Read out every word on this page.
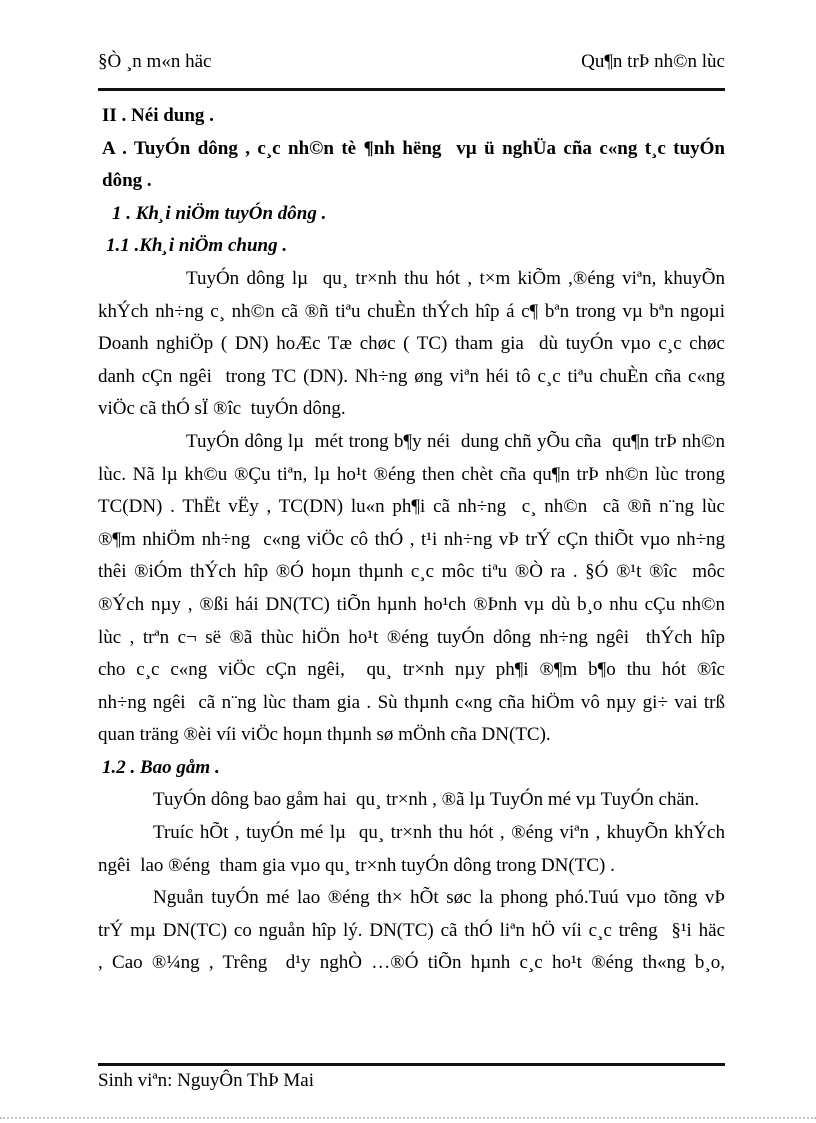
§Ò ¸n m«n häc	Qu¶n trÞ nh©n lùc
II . Néi dung .
A . TuyÓn dông , c¸c nh©n tè ¶nh hëng  vµ ü nghÜa cña c«ng t¸c tuyÓn
dông .
1 . Kh¸i niÖm tuyÓn dông .
1.1 .Kh¸i niÖm chung .
TuyÓn dông lµ  qu¸ tr×nh thu hót , t×m kiÕm ,®éng viªn, khuyÕn
khÝch nh÷ng c¸ nh©n cã ®ñ tiªu chuÈn thÝch hîp á c¶ bªn trong vµ bªn ngoµi
Doanh nghiÖp ( DN) hoÆc Tæ chøc ( TC) tham gia  dù tuyÓn vµo c¸c chøc
danh cÇn ngêi  trong TC (DN). Nh÷ng øng viªn héi tô c¸c tiªu chuÈn cña c«ng
viÖc cã thÓ sÏ ®îc  tuyÓn dông.
TuyÓn dông lµ  mét trong b¶y néi  dung chñ yÕu cña  qu¶n trÞ nh©n
lùc. Nã lµ kh©u ®Çu tiªn, lµ ho¹t ®éng then chèt cña qu¶n trÞ nh©n lùc trong
TC(DN) . ThËt vËy , TC(DN) lu«n ph¶i cã nh÷ng  c¸ nh©n  cã ®ñ n¨ng lùc
®¶m nhiÖm nh÷ng  c«ng viÖc cô thÓ , t¹i nh÷ng vÞ trÝ cÇn thiÕt vµo nh÷ng
thêi ®iÓm thÝch hîp ®Ó hoµn thµnh c¸c môc tiªu ®Ò ra . §Ó ®¹t ®îc  môc
®Ých nµy , ®ßi hái DN(TC) tiÕn hµnh ho¹ch ®Þnh vµ dù b¸o nhu cÇu nh©n
lùc , trªn c¬ së ®ã thùc hiÖn ho¹t ®éng tuyÓn dông nh÷ng ngêi  thÝch hîp
cho c¸c c«ng viÖc cÇn ngêi,  qu¸ tr×nh nµy ph¶i ®¶m b¶o thu hót ®îc
nh÷ng ngêi  cã n¨ng lùc tham gia . Sù thµnh c«ng cña hiÖm vô nµy gi÷ vai trß
quan träng ®èi víi viÖc hoµn thµnh sø mÖnh cña DN(TC).
1.2 . Bao gåm .
TuyÓn dông bao gåm hai  qu¸ tr×nh , ®ã lµ TuyÓn mé vµ TuyÓn chän.
Truíc hÕt , tuyÓn mé lµ  qu¸ tr×nh thu hót , ®éng viªn , khuyÕn khÝch
ngêi  lao ®éng  tham gia vµo qu¸ tr×nh tuyÓn dông trong DN(TC) .
Nguån tuyÓn mé lao ®éng th× hÕt søc la phong phó.Tuú vµo tõng vÞ
trÝ mµ DN(TC) co nguån hîp lý. DN(TC) cã thÓ liªn hÖ víi c¸c trêng  §¹i häc
, Cao ®¼ng , Trêng  d¹y nghÒ …®Ó tiÕn hµnh c¸c ho¹t ®éng th«ng b¸o,
Sinh viªn: NguyÔn ThÞ Mai
